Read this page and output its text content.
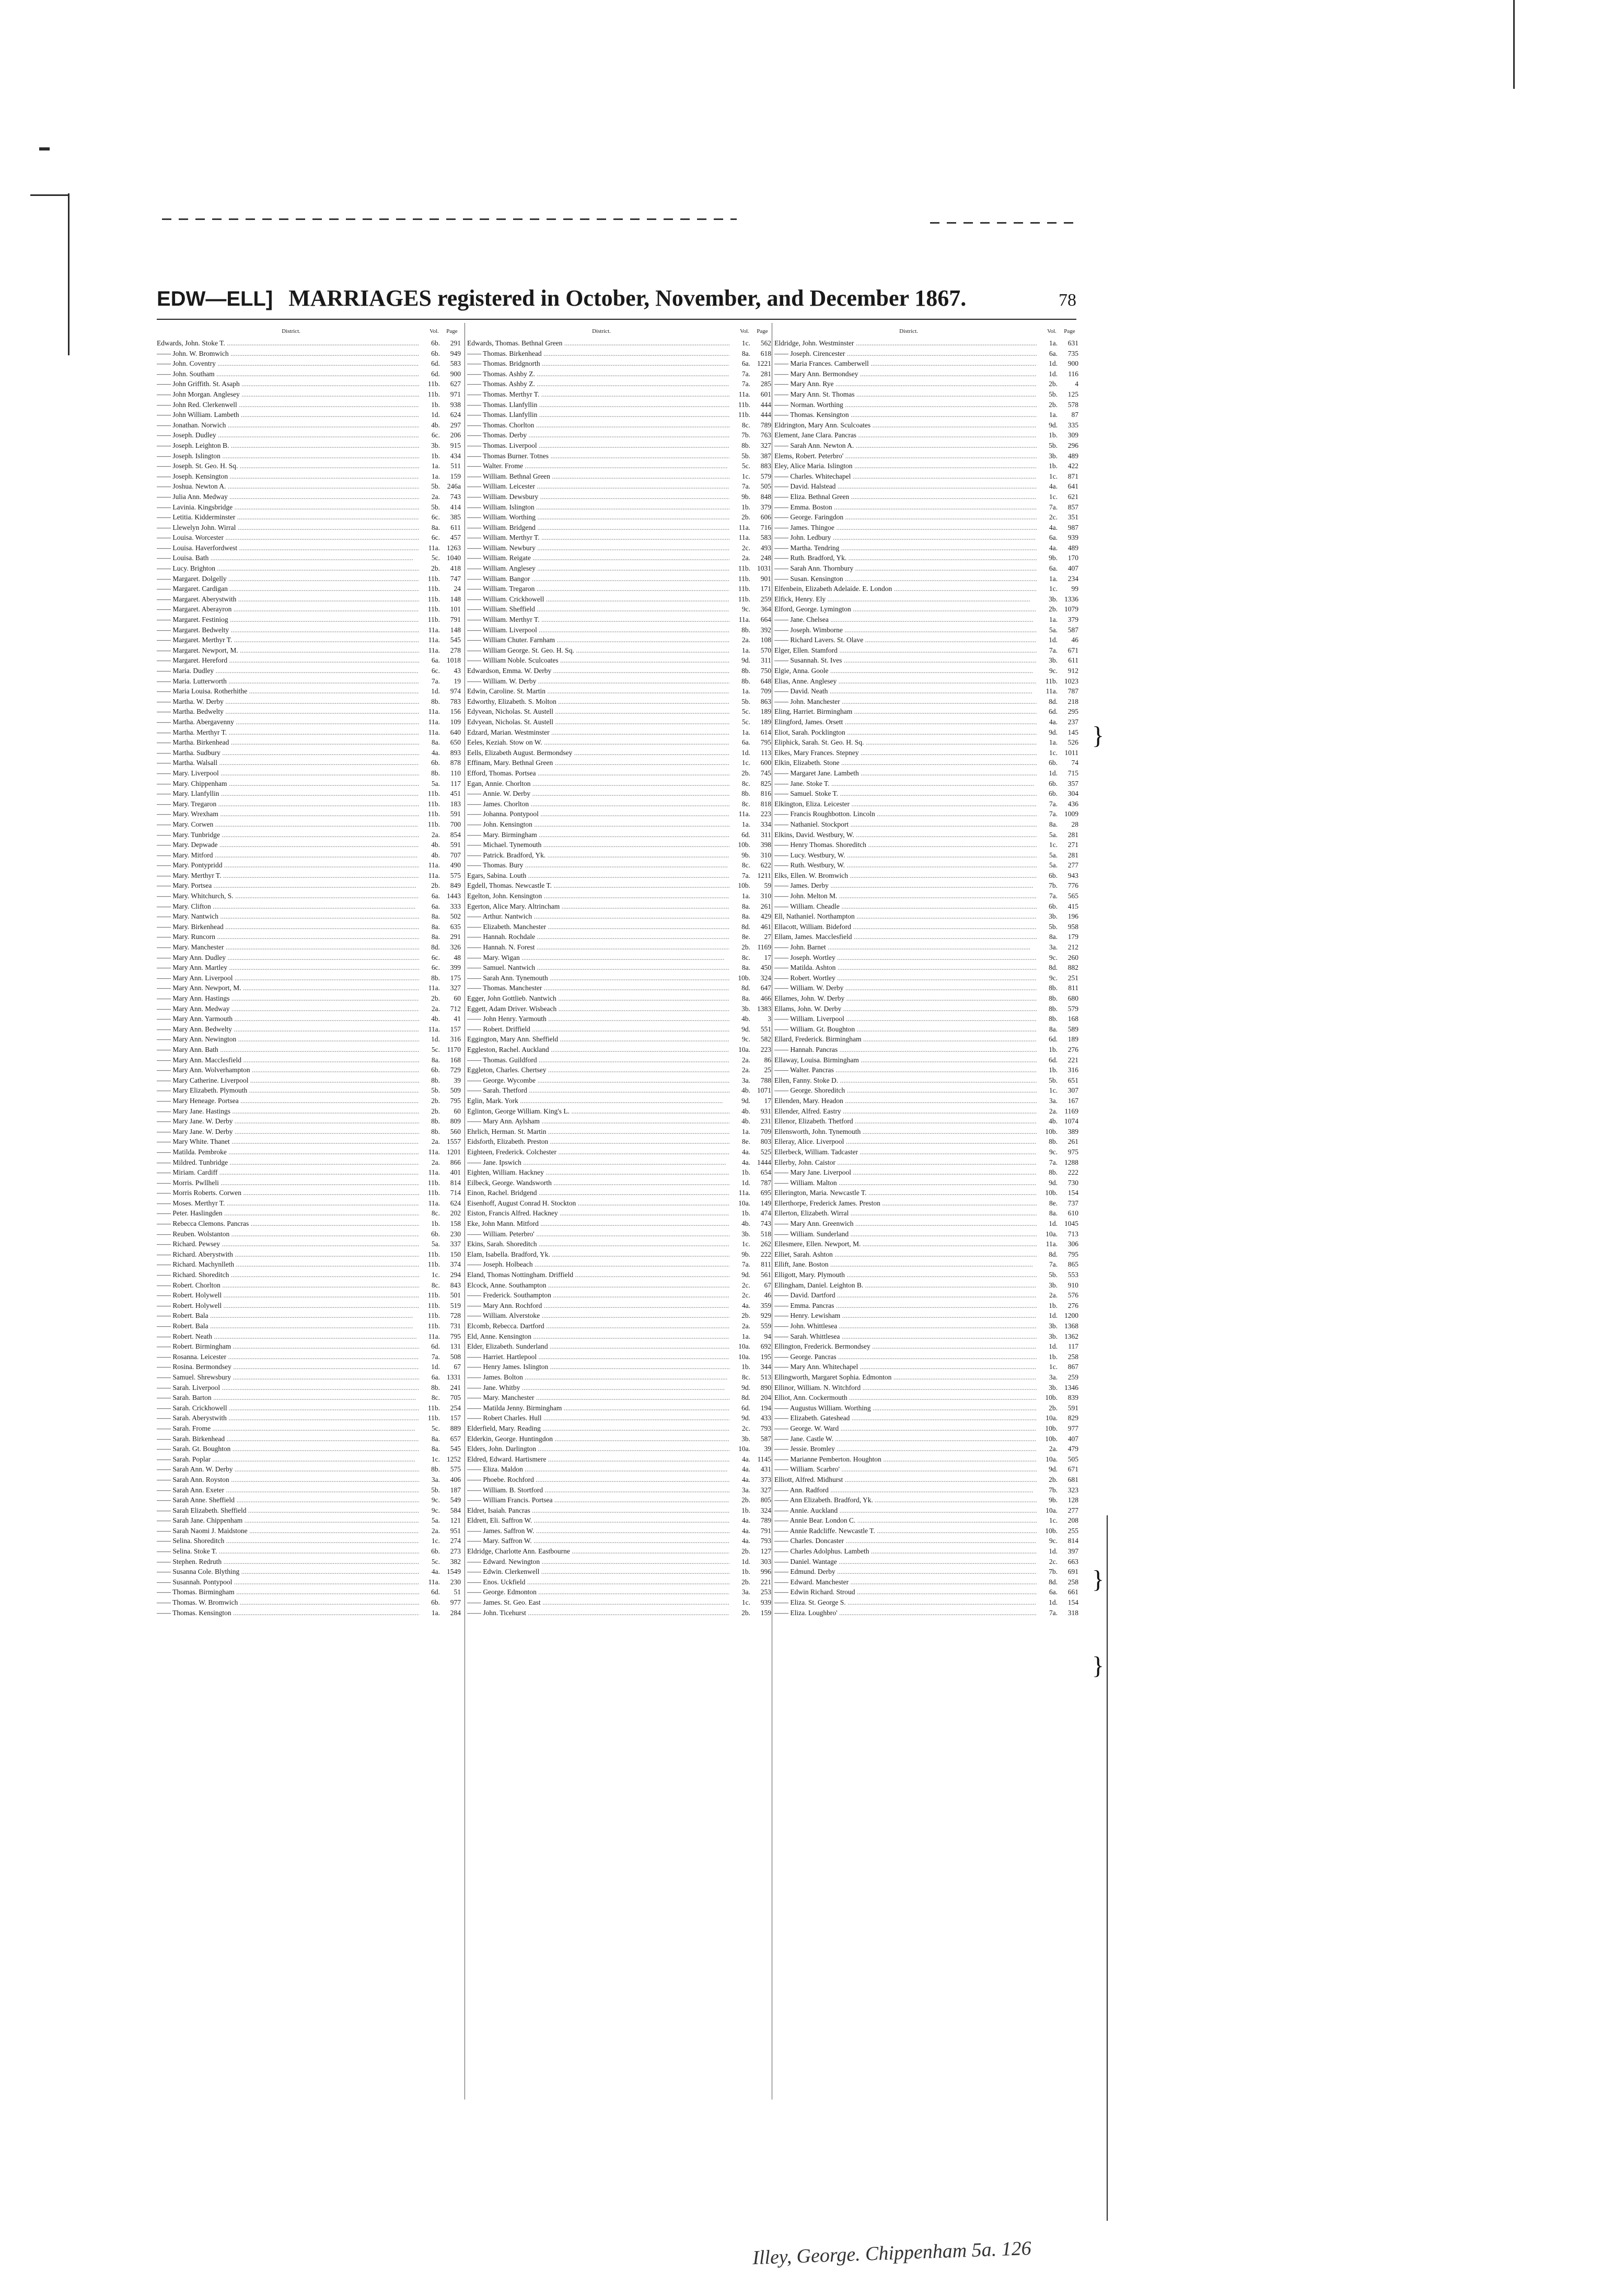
EDW—ELL] MARRIAGES registered in October, November, and December 1867.	78
District.	Vol.	Page
Edwards, John. Stoke T. .....	6b.	291
—— John. W. Bromwich .....	6b.	949
—— John. Coventry .....	6d.	583
—— John. Southam .....	6d.	900
—— John Griffith. St. Asaph .....	11b.	627
—— John Morgan. Anglesey .....	11b.	971
—— John Red. Clerkenwell .....	1b.	938
—— John William. Lambeth .....	1d.	624
—— Jonathan. Norwich .....	4b.	297
—— Joseph. Dudley .....	6c.	206
—— Joseph. Leighton B. .....	3b.	915
—— Joseph. Islington .....	1b.	434
—— Joseph. St. Geo. H. Sq. .....	1a.	511
—— Joseph. Kensington .....	1a.	159
—— Joshua. Newton A. .....	5b.	246a
—— Julia Ann. Medway .....	2a.	743
—— Lavinia. Kingsbridge .....	5b.	414
—— Letitia. Kidderminster .....	6c.	385
—— Llewelyn John. Wirral .....	8a.	611
—— Louisa. Worcester .....	6c.	457
—— Louisa. Haverfordwest .....	11a. 1263
—— Louisa. Bath .....	5c. 1040
—— Lucy. Brighton .....	2b.	418
—— Margaret. Dolgelly .....	11b.	747
—— Margaret. Cardigan .....	11b.	24
—— Margaret. Aberystwith .....	11b.	148
—— Margaret. Aberayron .....	11b.	101
—— Margaret. Festiniog .....	11b.	791
—— Margaret. Bedwelty .....	11a.	148
—— Margaret. Merthyr T. .....	11a.	545
—— Margaret. Newport, M. .....	11a.	278
—— Margaret. Hereford .....	6a. 1018
—— Maria. Dudley .....	6c.	43
—— Maria. Lutterworth .....	7a.	19
—— Maria Louisa. Rotherhithe .....	1d.	974
—— Martha. W. Derby .....	8b.	783
—— Martha. Bedwelty .....	11a.	156
—— Martha. Abergavenny .....	11a.	109
—— Martha. Merthyr T. .....	11a.	640
—— Martha. Birkenhead .....	8a.	650
—— Martha. Sudbury .....	4a.	893
—— Martha. Walsall .....	6b.	878
—— Mary. Liverpool .....	8b.	110
—— Mary. Chippenham .....	5a.	117
—— Mary. Llanfyllin .....	11b.	451
—— Mary. Tregaron .....	11b.	183
—— Mary. Wrexham .....	11b.	591
—— Mary. Corwen .....	11b.	700
—— Mary. Tunbridge .....	2a.	854
—— Mary. Depwade .....	4b.	591
—— Mary. Mitford .....	4b.	707
—— Mary. Pontypridd .....	11a.	490
—— Mary. Merthyr T. .....	11a.	575
—— Mary. Portsea .....	2b.	849
—— Mary. Whitchurch, S. .....	6a. 1443
—— Mary. Clifton .....	6a.	333
—— Mary. Nantwich .....	8a.	502
—— Mary. Birkenhead .....	8a.	635
—— Mary. Runcorn .....	8a.	291
—— Mary. Manchester .....	8d.	326
—— Mary Ann. Dudley .....	6c.	48
—— Mary Ann. Martley .....	6c.	399
—— Mary Ann. Liverpool .....	8b.	175
—— Mary Ann. Newport, M. .....	11a.	327
—— Mary Ann. Hastings .....	2b.	60
—— Mary Ann. Medway .....	2a.	712
—— Mary Ann. Yarmouth .....	4b.	41
—— Mary Ann. Bedwelty .....	11a.	157
—— Mary Ann. Newington .....	1d.	316
—— Mary Ann. Bath .....	5c.	1170
—— Mary Ann. Macclesfield .....	8a.	168
—— Mary Ann. Wolverhampton .....	6b.	729
—— Mary Catherine. Liverpool .....	8b.	39
—— Mary Elizabeth. Plymouth .....	5b.	509
—— Mary Heneage. Portsea .....	2b.	795
—— Mary Jane. Hastings .....	2b.	60
—— Mary Jane. W. Derby .....	8b.	809
—— Mary Jane. W. Derby .....	8b.	560
—— Mary White. Thanet .....	2a. 1557
—— Matilda. Pembroke .....	11a. 1201
—— Mildred. Tunbridge .....	2a.	866
—— Miriam. Cardiff .....	11a.	401
—— Morris. Pwllheli .....	11b.	814
—— Morris Roberts. Corwen .....	11b.	714
—— Moses. Merthyr T. .....	11a.	624
—— Peter. Haslingden .....	8c.	202
—— Rebecca Clemons. Pancras .....	1b.	158
—— Reuben. Wolstanton .....	6b.	230
—— Richard. Pewsey .....	5a.	337
—— Richard. Aberystwith .....	11b.	150
—— Richard. Machynlleth .....	11b.	374
—— Richard. Shoreditch .....	1c.	294
—— Robert. Chorlton .....	8c.	843
—— Robert. Holywell .....	11b.	501
—— Robert. Holywell .....	11b.	519
—— Robert. Bala .....	11b.	728
—— Robert. Bala .....	11b.	731
—— Robert. Neath .....	11a.	795
—— Robert. Birmingham .....	6d.	131
—— Rosanna. Leicester .....	7a.	508
—— Rosina. Bermondsey .....	1d.	67
—— Samuel. Shrewsbury .....	6a. 1331
—— Sarah. Liverpool .....	8b.	241
—— Sarah. Barton .....	8c.	705
—— Sarah. Crickhowell .....	11b.	254
—— Sarah. Aberystwith .....	11b.	157
—— Sarah. Frome .....	5c.	889
—— Sarah. Birkenhead .....	8a.	657
—— Sarah. Gt. Boughton .....	8a.	545
—— Sarah. Poplar .....	1c. 1252
—— Sarah Ann. W. Derby .....	8b.	575
—— Sarah Ann. Royston .....	3a.	406
—— Sarah Ann. Exeter .....	5b.	187
—— Sarah Anne. Sheffield .....	9c.	549
—— Sarah Elizabeth. Sheffield .....	9c.	584
—— Sarah Jane. Chippenham .....	5a.	121
—— Sarah Naomi J. Maidstone .....	2a.	951
—— Selina. Shoreditch .....	1c.	274
—— Selina. Stoke T. .....	6b.	273
—— Stephen. Redruth .....	5c.	382
—— Susanna Cole. Blything .....	4a. 1549
—— Susannah. Pontypool .....	11a.	230
—— Thomas. Birmingham .....	6d.	51
—— Thomas. W. Bromwich .....	6b.	977
—— Thomas. Kensington .....	1a.	284
District.	Vol.	Page
Edwards, Thomas. Bethnal Green .....	1c.	562
—— Thomas. Birkenhead .....	8a.	618
—— Thomas. Bridgnorth .....	6a. 1221
—— Thomas. Ashby Z. .....	7a.	281
—— Thomas. Ashby Z. .....	7a.	285
—— Thomas. Merthyr T. .....	11a.	601
—— Thomas. Llanfyllin .....	11b.	444
—— Thomas. Llanfyllin .....	11b.	444
—— Thomas. Chorlton .....	8c.	789
—— Thomas. Derby .....	7b.	763
—— Thomas. Liverpool .....	8b.	327
—— Thomas Burner. Totnes .....	5b.	387
—— Walter. Frome .....	5c.	883
—— William. Bethnal Green .....	1c.	579
—— William. Leicester .....	7a.	505
—— William. Dewsbury .....	9b.	848
—— William. Islington .....	1b.	379
—— William. Worthing .....	2b.	606
—— William. Bridgend .....	11a.	716
—— William. Merthyr T. .....	11a.	583
—— William. Newbury .....	2c.	493
—— William. Reigate .....	2a.	248
—— William. Anglesey .....	11b. 1031
—— William. Bangor .....	11b.	901
—— William. Tregaron .....	11b.	171
—— William. Crickhowell .....	11b.	259
—— William. Sheffield .....	9c.	364
—— William. Merthyr T. .....	11a.	664
—— William. Liverpool .....	8b.	392
—— William Chuter. Farnham .....	2a.	108
—— William George. St. Geo. H. Sq. .....	1a.	570
—— William Noble. Sculcoates .....	9d.	311
Edwardson, Emma. W. Derby .....	8b.	750
—— William. W. Derby .....	8b.	648
Edwin, Caroline. St. Martin .....	1a.	709
Edworthy, Elizabeth. S. Molton .....	5b.	863
Edyvean, Nicholas. St. Austell .....	5c.	189
Edvyean, Nicholas. St. Austell .....	5c.	189
Edzard, Marian. Westminster .....	1a.	614
Eeles, Keziah. Stow on W. .....	6a.	795
Eells, Elizabeth August. Bermondsey .....	1d.	113
Effinam, Mary. Bethnal Green .....	1c.	600
Efford, Thomas. Portsea .....	2b.	745
Egan, Annie. Chorlton .....	8c.	825
—— Annie. W. Derby .....	8b.	816
—— James. Chorlton .....	8c.	818
—— Johanna. Pontypool .....	11a.	223
—— John. Kensington .....	1a.	334
—— Mary. Birmingham .....	6d.	311
—— Michael. Tynemouth .....	10b.	398
—— Patrick. Bradford, Yk. .....	9b.	310
—— Thomas. Bury .....	8c.	622
Egars, Sabina. Louth .....	7a.	1211
Egdell, Thomas. Newcastle T. .....	10b.	59
Egelton, John. Kensington .....	1a.	310
Egerton, Alice Mary. Altrincham .....	8a.	261
—— Arthur. Nantwich .....	8a.	429
—— Elizabeth. Manchester .....	8d.	461
—— Hannah. Rochdale .....	8e.	27
—— Hannah. N. Forest .....	2b.	1169
—— Mary. Wigan .....	8c.	17
—— Samuel. Nantwich .....	8a.	450
—— Sarah Ann. Tynemouth .....	10b.	324
—— Thomas. Manchester .....	8d.	647
Egger, John Gottlieb. Nantwich .....	8a.	466
Eggett, Adam Driver. Wisbeach .....	3b. 1383
—— John Henry. Yarmouth .....	4b.	3
—— Robert. Driffield .....	9d.	551
Eggington, Mary Ann. Sheffield .....	9c.	582
Eggleston, Rachel. Auckland .....	10a.	223
—— Thomas. Guildford .....	2a.	86
Eggleton, Charles. Chertsey .....	2a.	25
—— George. Wycombe .....	3a.	788
—— Sarah. Thetford .....	4b. 1071
Eglin, Mark. York .....	9d.	17
Eglinton, George William. King's L. .....	4b.	931
—— Mary Ann. Aylsham .....	4b.	231
Ehrlich, Herman. St. Martin .....	1a.	709
Eidsforth, Elizabeth. Preston .....	8e.	803
Eighteen, Frederick. Colchester .....	4a.	525
—— Jane. Ipswich .....	4a. 1444
Eighten, William. Hackney .....	1b.	654
Eilbeck, George. Wandsworth .....	1d.	787
Einon, Rachel. Bridgend .....	11a.	695
Eisenhoff, August Conrad H. Stockton .....	10a.	149
Eiston, Francis Alfred. Hackney .....	1b.	474
Eke, John Mann. Mitford .....	4b.	743
—— William. Peterbro' .....	3b.	518
Ekins, Sarah. Shoreditch .....	1c.	262
Elam, Isabella. Bradford, Yk. .....	9b.	222
—— Joseph. Holbeach .....	7a.	811
Eland, Thomas Nottingham. Driffield .....	9d.	561
Elcock, Anne. Southampton .....	2c.	67
—— Frederick. Southampton .....	2c.	46
—— Mary Ann. Rochford .....	4a.	359
—— William. Alverstoke .....	2b.	929
Elcomb, Rebecca. Dartford .....	2a.	559
Eld, Anne. Kensington .....	1a.	94
Elder, Elizabeth. Sunderland .....	10a.	692
—— Harriet. Hartlepool .....	10a.	195
—— Henry James. Islington .....	1b.	344
—— James. Bolton .....	8c.	513
—— Jane. Whitby .....	9d.	890
—— Mary. Manchester .....	8d.	204
—— Matilda Jenny. Birmingham .....	6d.	194
—— Robert Charles. Hull .....	9d.	433
Elderfield, Mary. Reading .....	2c.	793
Elderkin, George. Huntingdon .....	3b.	587
Elders, John. Darlington .....	10a.	39
Eldred, Edward. Hartismere .....	4a.	1145
—— Eliza. Maldon .....	4a.	431
—— Phoebe. Rochford .....	4a.	373
—— William. B. Stortford .....	3a.	327
—— William Francis. Portsea .....	2b.	805
Eldret, Isaiah. Pancras .....	1b.	324
Eldrett, Eli. Saffron W. .....	4a.	789
—— James. Saffron W. .....	4a.	791
—— Mary. Saffron W. .....	4a.	793
Eldridge, Charlotte Ann. Eastbourne .....	2b.	127
—— Edward. Newington .....	1d.	303
—— Edwin. Clerkenwell .....	1b.	996
—— Enos. Uckfield .....	2b.	221
—— George. Edmonton .....	3a.	253
—— James. St. Geo. East .....	1c.	939
—— John. Ticehurst .....	2b.	159
District.	Vol.	Page
Eldridge, John. Westminster .....	1a.	631
—— Joseph. Cirencester .....	6a.	735
—— Maria Frances. Camberwell .....	1d.	900
—— Mary Ann. Bermondsey .....	1d.	116
—— Mary Ann. Rye .....	2b.	4
—— Mary Ann. St. Thomas .....	5b.	125
—— Norman. Worthing .....	2b.	578
—— Thomas. Kensington .....	1a.	87
Eldrington, Mary Ann. Sculcoates .....	9d.	335
Element, Jane Clara. Pancras .....	1b.	309
—— Sarah Ann. Newton A. .....	5b.	296
Elems, Robert. Peterbro' .....	3b.	489
Eley, Alice Maria. Islington .....	1b.	422
—— Charles. Whitechapel .....	1c.	871
—— David. Halstead .....	4a.	641
—— Eliza. Bethnal Green .....	1c.	621
—— Emma. Boston .....	7a.	857
—— George. Faringdon .....	2c.	351
—— James. Thingoe .....	4a.	987
—— John. Ledbury .....	6a.	939
—— Martha. Tendring .....	4a.	489
—— Ruth. Bradford, Yk. .....	9b.	170
—— Sarah Ann. Thornbury .....	6a.	407
—— Susan. Kensington .....	1a.	234
Elfenbein, Elizabeth Adelaide. E. London .....	1c.	99
Elfick, Henry. Ely .....	3b. 1336
Elford, George. Lymington .....	2b. 1079
—— Jane. Chelsea .....	1a.	379
—— Joseph. Wimborne .....	5a.	587
—— Richard Lavers. St. Olave .....	1d.	46
Elger, Ellen. Stamford .....	7a.	671
—— Susannah. St. Ives .....	3b.	611
Elgie, Anna. Goole .....	9c.	912
Elias, Anne. Anglesey .....	11b. 1023
—— David. Neath .....	11a.	787
—— John. Manchester .....	8d.	218
Eling, Harriet. Birmingham .....	6d.	295
Elingford, James. Orsett .....	4a.	237
Eliot, Sarah. Pocklington .....	9d.	145
Eliphick, Sarah. St. Geo. H. Sq. .....	1a.	526
Elkes, Mary Frances. Stepney .....	1c.	1011
Elkin, Elizabeth. Stone .....	6b.	74
—— Margaret Jane. Lambeth .....	1d.	715
—— Jane. Stoke T. .....	6b.	357
—— Samuel. Stoke T. .....	6b.	304
Elkington, Eliza. Leicester .....	7a.	436
—— Francis Roughbotton. Lincoln .....	7a. 1009
—— Nathaniel. Stockport .....	8a.	28
Elkins, David. Westbury, W. .....	5a.	281
—— Henry Thomas. Shoreditch .....	1c.	271
—— Lucy. Westbury, W. .....	5a.	281
—— Ruth. Westbury, W. .....	5a.	277
Elks, Ellen. W. Bromwich .....	6b.	943
—— James. Derby .....	7b.	776
—— John. Melton M. .....	7a.	565
—— William. Cheadle .....	6b.	415
Ell, Nathaniel. Northampton .....	3b.	196
Ellacott, William. Bideford .....	5b.	958
Ellam, James. Macclesfield .....	8a.	179
—— John. Barnet .....	3a.	212
—— Joseph. Wortley .....	9c.	260
—— Matilda. Ashton .....	8d.	882
—— Robert. Wortley .....	9c.	251
—— William. W. Derby .....	8b.	811
Ellames, John. W. Derby .....	8b.	680
Ellams, John. W. Derby .....	8b.	579
—— William. Liverpool .....	8b.	168
—— William. Gt. Boughton .....	8a.	589
Ellard, Frederick. Birmingham .....	6d.	189
—— Hannah. Pancras .....	1b.	276
Ellaway, Louisa. Birmingham .....	6d.	221
—— Walter. Pancras .....	1b.	316
Ellen, Fanny. Stoke D. .....	5b.	651
—— George. Shoreditch .....	1c.	307
Ellenden, Mary. Headon .....	3a.	167
Ellender, Alfred. Eastry .....	2a.	1169
Ellenor, Elizabeth. Thetford .....	4b. 1074
Ellensworth, John. Tynemouth .....	10b.	389
Elleray, Alice. Liverpool .....	8b.	261
Ellerbeck, William. Tadcaster .....	9c.	975
Ellerby, John. Caistor .....	7a. 1288
—— Mary Jane. Liverpool .....	8b.	222
—— William. Malton .....	9d.	730
Ellerington, Maria. Newcastle T. .....	10b.	154
Ellerthorpe, Frederick James. Preston .....	8e.	737
Ellerton, Elizabeth. Wirral .....	8a.	610
—— Mary Ann. Greenwich .....	1d. 1045
—— William. Sunderland .....	10a.	713
Ellesmere, Ellen. Newport, M. .....	11a.	306
Elliet, Sarah. Ashton .....	8d.	795
Ellift, Jane. Boston .....	7a.	865
Elligott, Mary. Plymouth .....	5b.	553
Ellingham, Daniel. Leighton B. .....	3b.	910
—— David. Dartford .....	2a.	576
—— Emma. Pancras .....	1b.	276
—— Henry. Lewisham .....	1d. 1200
—— John. Whittlesea .....	3b. 1368
—— Sarah. Whittlesea .....	3b. 1362
Ellington, Frederick. Bermondsey .....	1d.	117
—— George. Pancras .....	1b.	258
—— Mary Ann. Whitechapel .....	1c.	867
Ellingworth, Margaret Sophia. Edmonton .....	3a.	259
Ellinor, William. N. Witchford .....	3b. 1346
Elliot, Ann. Cockermouth .....	10b.	839
—— Augustus William. Worthing .....	2b.	591
—— Elizabeth. Gateshead .....	10a.	829
—— George. W. Ward .....	10b.	977
—— Jane. Castle W. .....	10b.	407
—— Jessie. Bromley .....	2a.	479
—— Marianne Pemberton. Houghton .....	10a.	505
—— William. Scarbro' .....	9d.	671
Elliott, Alfred. Midhurst .....	2b.	681
—— Ann. Radford .....	7b.	323
—— Ann Elizabeth. Bradford, Yk. .....	9b.	128
—— Annie. Auckland .....	10a.	277
—— Annie Bear. London C. .....	1c.	208
—— Annie Radcliffe. Newcastle T. .....	10b.	255
—— Charles. Doncaster .....	9c.	814
—— Charles Adolphus. Lambeth .....	1d.	397
—— Daniel. Wantage .....	2c.	663
—— Edmund. Derby .....	7b.	691
—— Edward. Manchester .....	8d.	258
—— Edwin Richard. Stroud .....	6a.	661
—— Eliza. St. George S. .....	1d.	154
—— Eliza. Loughbro' .....	7a.	318
}
}
}
Illey, George. Chippenham 5a. 126
